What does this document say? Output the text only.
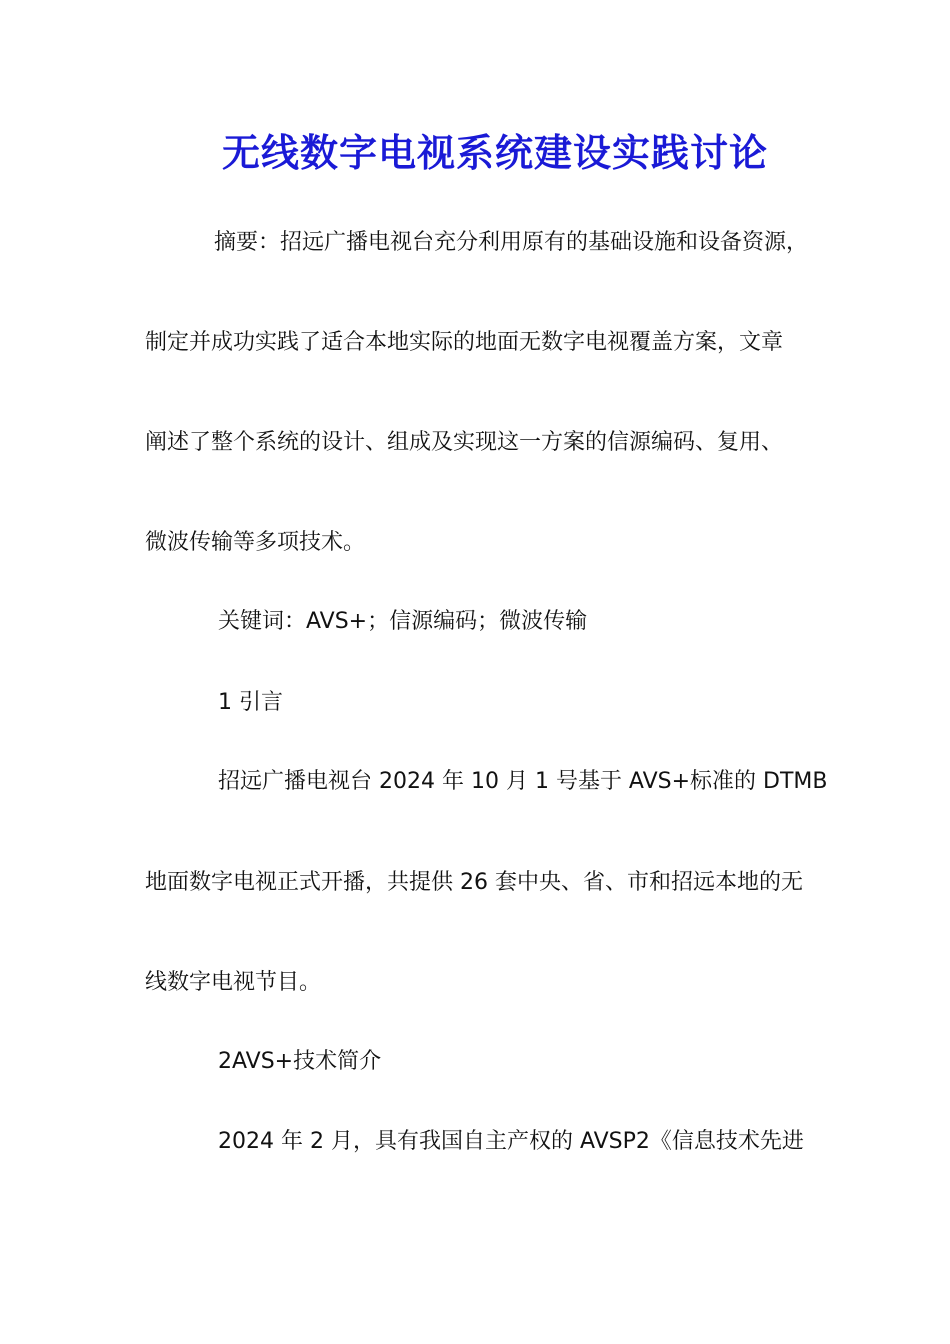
无线数字电视系统建设实践讨论
摘要：招远广播电视台充分利用原有的基础设施和设备资源，
制定并成功实践了适合本地实际的地面无数字电视覆盖方案，文章
阐述了整个系统的设计、组成及实现这一方案的信源编码、复用、
微波传输等多项技术。
关键词：AVS+；信源编码；微波传输
1 引言
招远广播电视台 2024 年 10 月 1 号基于 AVS+标准的 DTMB
地面数字电视正式开播，共提供 26 套中央、省、市和招远本地的无
线数字电视节目。
2AVS+技术简介
2024 年 2 月，具有我国自主产权的 AVSP2《信息技术先进
